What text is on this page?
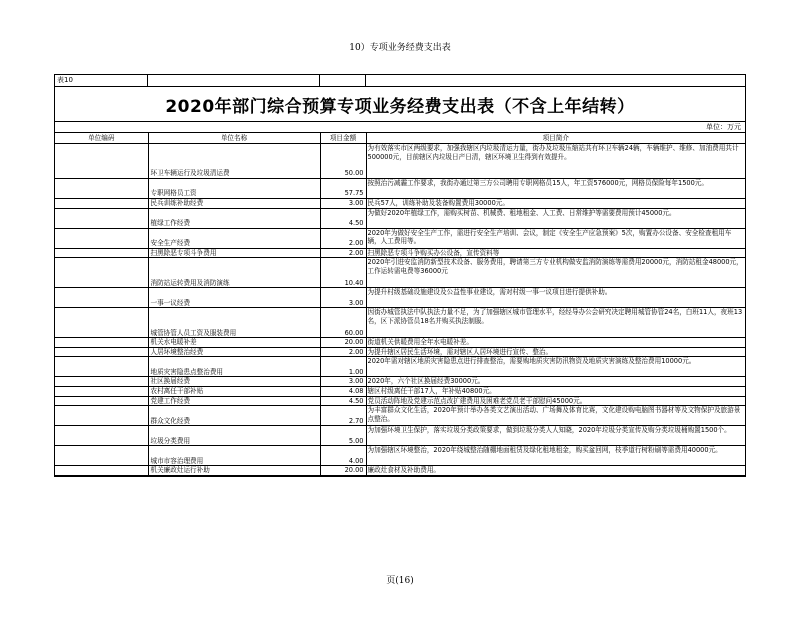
10）专项业务经费支出表
表10
2020年部门综合预算专项业务经费支出表（不含上年结转）
单位：万元
单位编码	单位名称	项目金额	项目简介
	环卫车辆运行及垃圾清运费	50.00	为有效落实市区两级要求，加强我辖区内垃圾清运力量，街办及垃圾压缩站共有环卫车辆24辆，车辆维护、维修、加油费用共计500000元，目前辖区内垃圾日产日清，辖区环境卫生得到有效提升。
	专职网格员工资	57.75	按照治污减霾工作要求，我街办通过第三方公司聘用专职网格员15人，年工资576000元，网格员保险每年1500元。
	民兵训练补助经费	3.00	民兵57人，训练补助及装备购置费用30000元。
	植绿工作经费	4.50	为做好2020年植绿工作，需购买树苗、机械费、租地租金、人工费、日常维护等需要费用预计45000元。
	安全生产经费	2.00	2020年为做好安全生产工作，需进行安全生产培训、会议，制定《安全生产应急预案》5次，购置办公设备、安全检查租用车辆，人工费用等。
	扫黑除恶专项斗争费用	2.00	扫黑除恶专项斗争购买办公设备，宣传资料等
	消防站运转费用及消防演练	10.40	2020年引进安监消防新型技术设备、服务费用，聘请第三方专业机构做安监消防演练等需费用20000元，消防站租金48000元，工作运转需电费等36000元
	一事一议经费	3.00	为提升村级基础设施建设及公益性事业建设，需对村级一事一议项目进行提供补助。
	城管协管人员工资及服装费用	60.00	因街办城管执法中队执法力量不足，为了加强辖区城市管理水平，经经导办公会研究决定聘用城管协管24名，白班11人，夜班13名，区下派协管员18名并购买执法制服。
	机关水电暖补差	20.00	街道机关供暖费用全年水电暖补差。
	人居环境整治经费	2.00	为提升辖区居民生活环境，需对辖区人居环境进行宣传、整治。
	地质灾害隐患点整治费用	1.00	2020年需对辖区地质灾害隐患点进行排查整治，需要购地质灾害防汛物资及地质灾害演练及整治费用10000元。
	社区换届经费	3.00	2020年，六个社区换届经费30000元。
	农村离任干部补贴	4.08	辖区村级离任干部17人，年补贴40800元。
	党建工作经费	4.50	党员活动阵地及党建示范点改扩建费用及困难老党员老干部慰问45000元。
	群众文化经费	2.70	为丰富群众文化生活，2020年预计举办各类文艺演出活动、广场舞及体育比赛，文化建设购电脑图书器材等及文物保护及旅游景点整治。
	垃圾分类费用	5.00	为加强环境卫生保护，落实垃圾分类政策要求，做到垃圾分类人人知晓，2020年垃圾分类宣传及购分类垃圾桶购置1500个。
	城市市容治理费用	4.00	为加强辖区环境整治，2020年绕城整治随棚地面租赁及绿化租地租金，购买盆回网，枝季道行树粉刷等需费用40000元。
	机关廉政灶运行补助	20.00	廉政灶食材及补助费用。
页(16)
